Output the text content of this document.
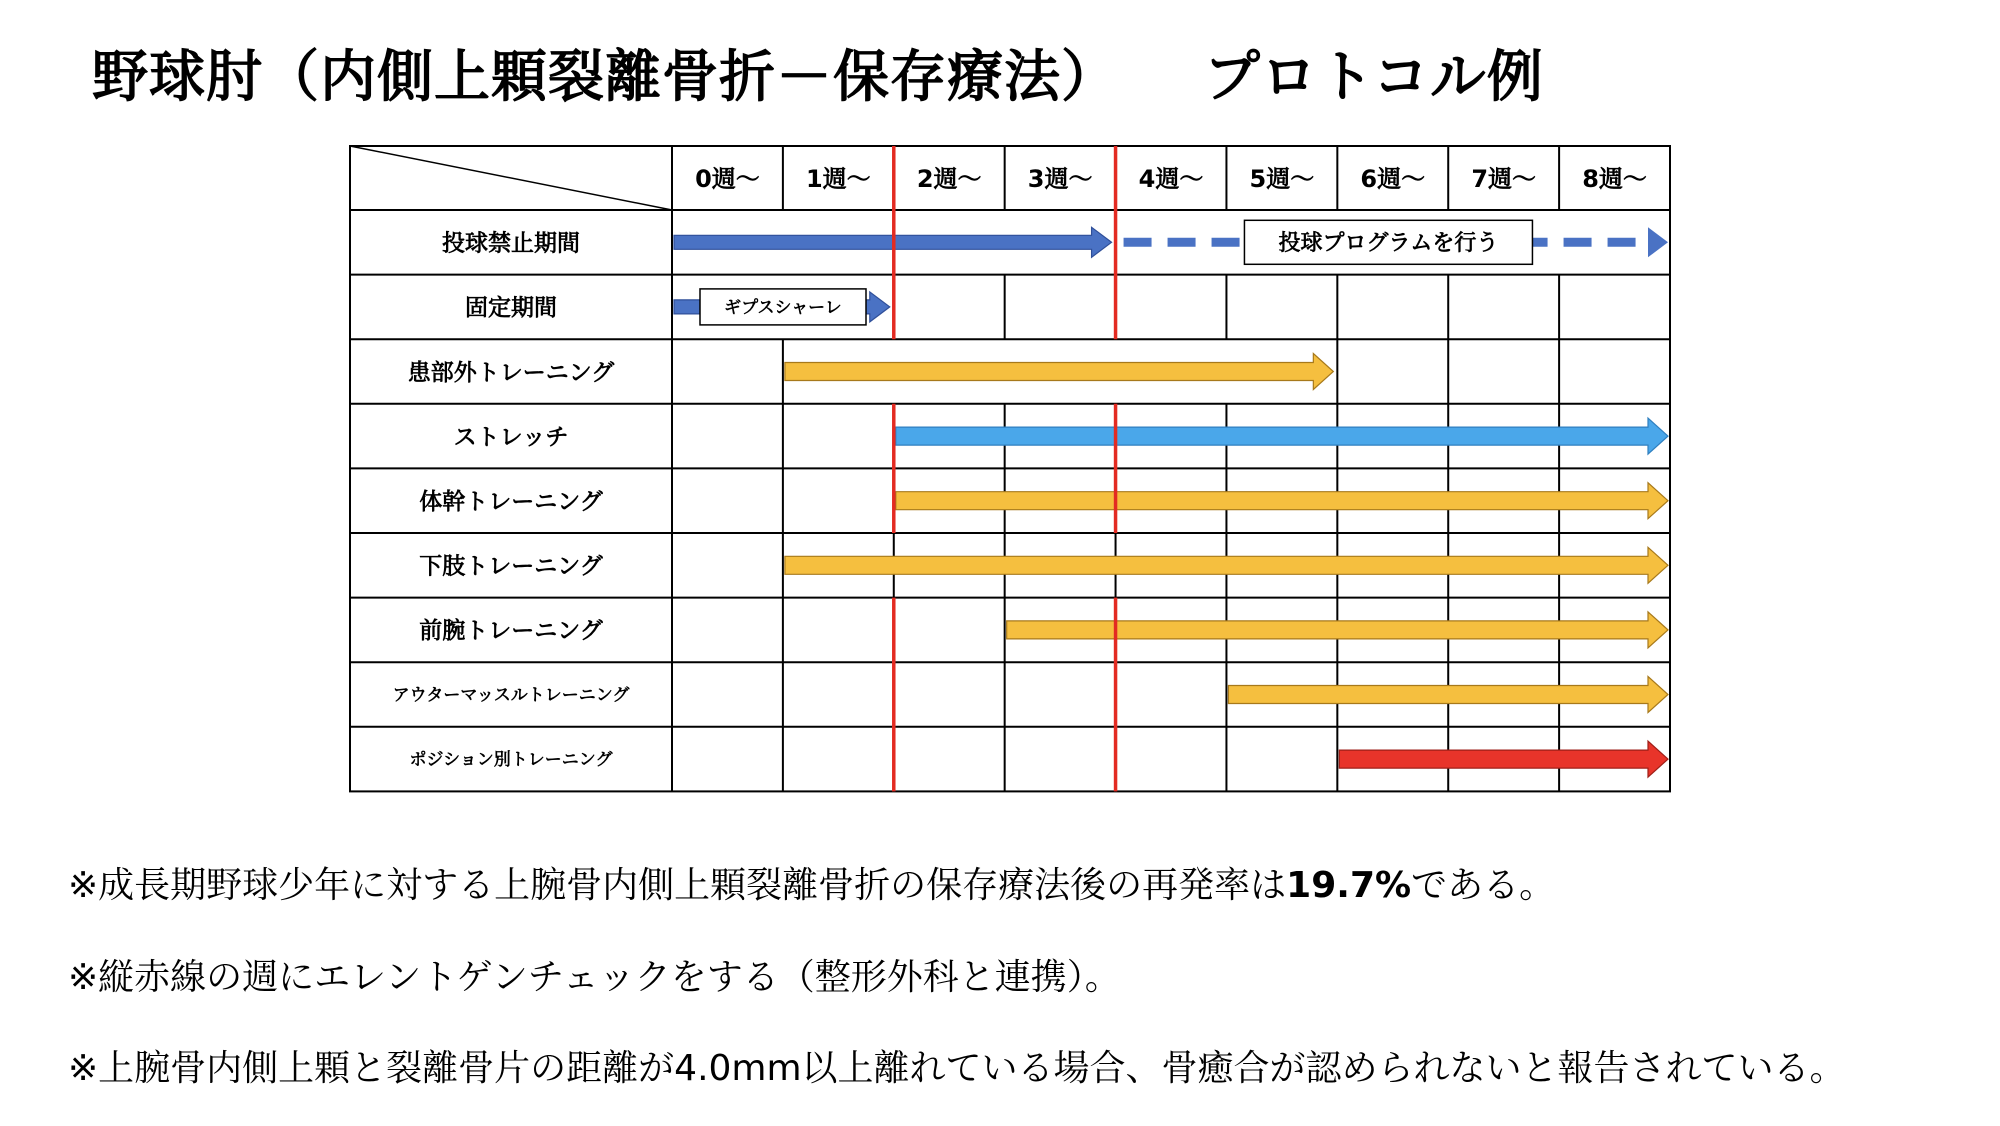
野球肘（内側上顆裂離骨折－保存療法） プロトコル例
0週〜 1週〜 2週〜 3週〜 4週〜 5週〜 6週〜 7週〜 8週〜
投球禁止期間
固定期間
患部外トレーニング
ストレッチ
体幹トレーニング
下肢トレーニング
前腕トレーニング
アウターマッスルトレーニング
ポジション別トレーニング
投球プログラムを行う
ギプスシャーレ
※成長期野球少年に対する上腕骨内側上顆裂離骨折の保存療法後の再発率は19.7%である。
※縦赤線の週にエレントゲンチェックをする（整形外科と連携）。
※上腕骨内側上顆と裂離骨片の距離が4.0mm以上離れている場合、骨癒合が認められないと報告されている。
